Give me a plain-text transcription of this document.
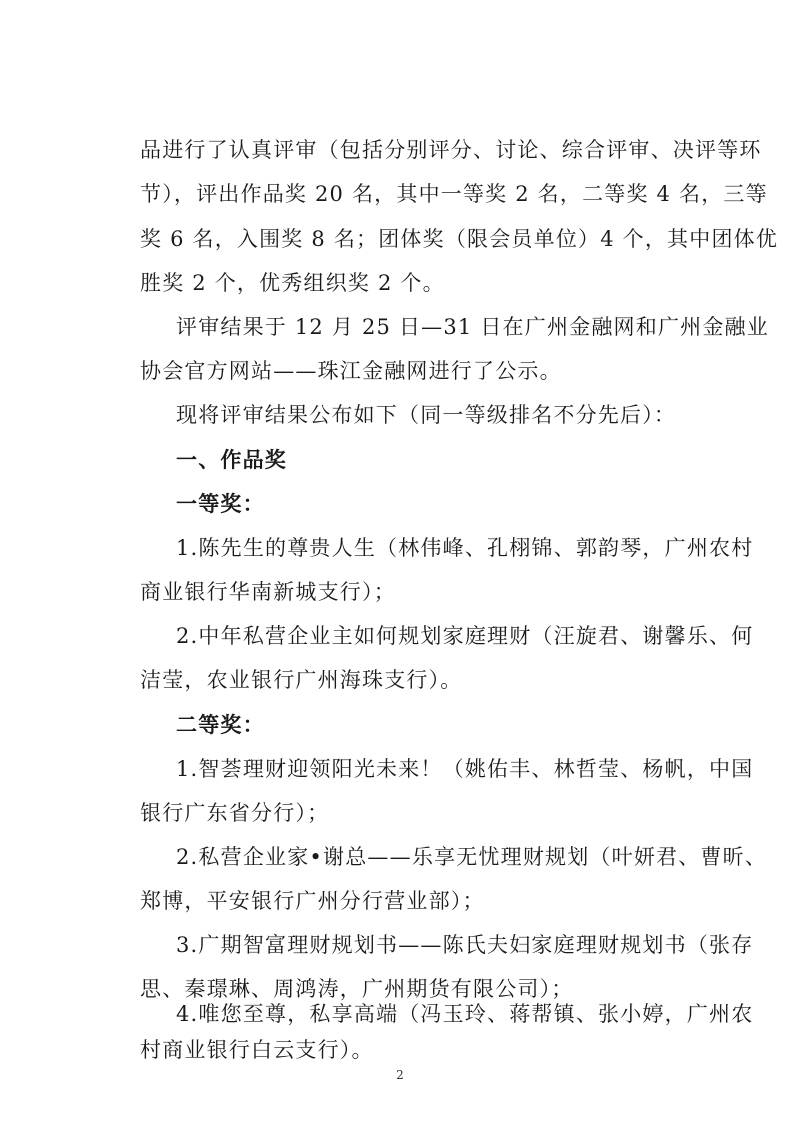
品进行了认真评审（包括分别评分、讨论、综合评审、决评等环
节），评出作品奖 20 名，其中一等奖 2 名，二等奖 4 名，三等
奖 6 名，入围奖 8 名；团体奖（限会员单位）4 个，其中团体优
胜奖 2 个，优秀组织奖 2 个。
评审结果于 12 月 25 日—31 日在广州金融网和广州金融业
协会官方网站——珠江金融网进行了公示。
现将评审结果公布如下（同一等级排名不分先后）：
一、作品奖
一等奖：
1.陈先生的尊贵人生（林伟峰、孔栩锦、郭韵琴，广州农村
商业银行华南新城支行）；
2.中年私营企业主如何规划家庭理财（汪旋君、谢馨乐、何
洁莹，农业银行广州海珠支行）。
二等奖：
1.智荟理财迎领阳光未来！（姚佑丰、林哲莹、杨帆，中国
银行广东省分行）；
2.私营企业家•谢总——乐享无忧理财规划（叶妍君、曹昕、
郑博，平安银行广州分行营业部）；
3.广期智富理财规划书——陈氏夫妇家庭理财规划书（张存
思、秦璟琳、周鸿涛，广州期货有限公司）；
4.唯您至尊，私享高端（冯玉玲、蒋帮镇、张小婷，广州农
2
村商业银行白云支行）。
